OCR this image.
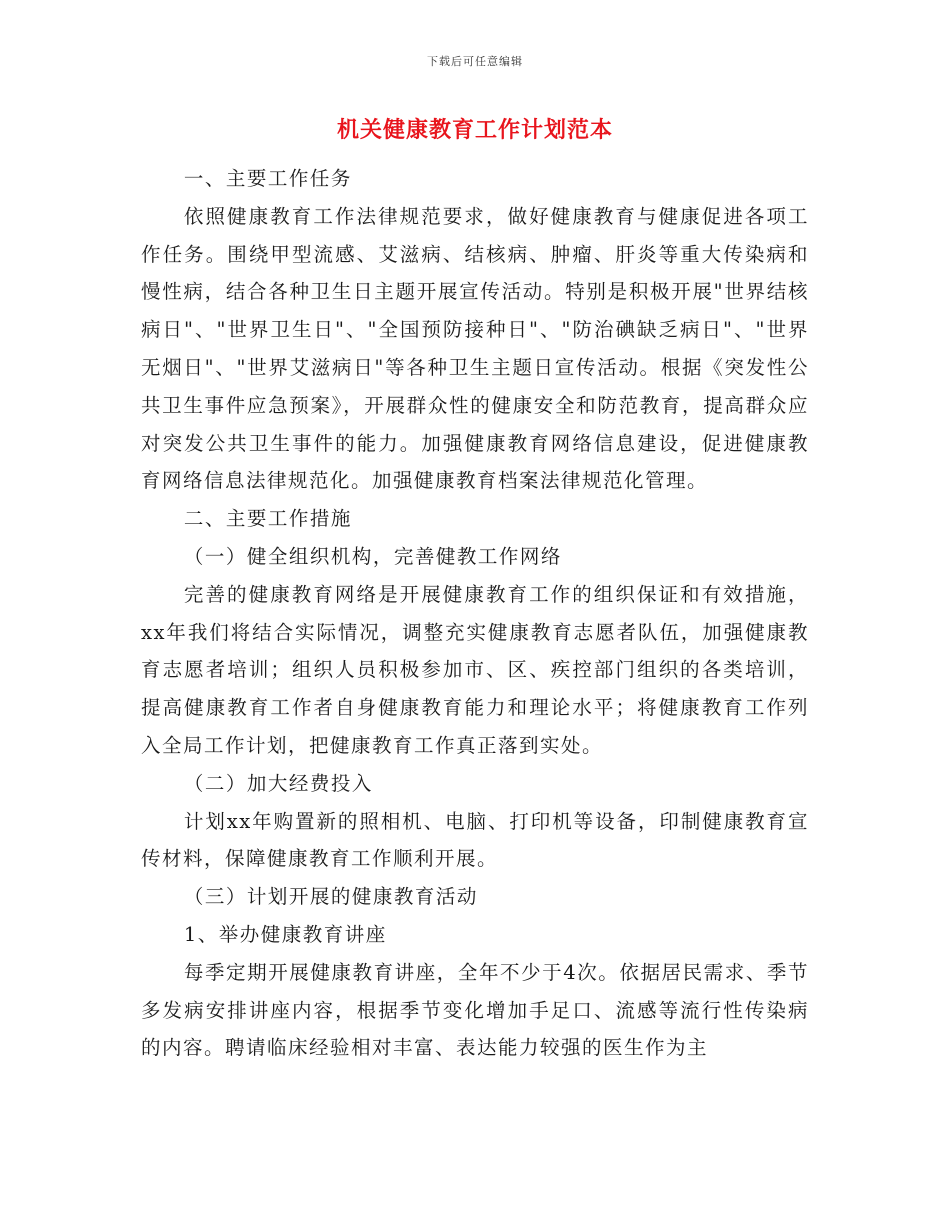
下载后可任意编辑
机关健康教育工作计划范本

一、主要工作任务

依照健康教育工作法律规范要求，做好健康教育与健康促进各项工作任务。围绕甲型流感、艾滋病、结核病、肿瘤、肝炎等重大传染病和慢性病，结合各种卫生日主题开展宣传活动。特别是积极开展"世界结核病日"、"世界卫生日"、"全国预防接种日"、"防治碘缺乏病日"、"世界无烟日"、"世界艾滋病日"等各种卫生主题日宣传活动。根据《突发性公共卫生事件应急预案》，开展群众性的健康安全和防范教育，提高群众应对突发公共卫生事件的能力。加强健康教育网络信息建设，促进健康教育网络信息法律规范化。加强健康教育档案法律规范化管理。

二、主要工作措施

（一）健全组织机构，完善健教工作网络

完善的健康教育网络是开展健康教育工作的组织保证和有效措施，xx年我们将结合实际情况，调整充实健康教育志愿者队伍，加强健康教育志愿者培训；组织人员积极参加市、区、疾控部门组织的各类培训，提高健康教育工作者自身健康教育能力和理论水平；将健康教育工作列入全局工作计划，把健康教育工作真正落到实处。

（二）加大经费投入

计划xx年购置新的照相机、电脑、打印机等设备，印制健康教育宣传材料，保障健康教育工作顺利开展。

（三）计划开展的健康教育活动

1、举办健康教育讲座

每季定期开展健康教育讲座，全年不少于4次。依据居民需求、季节多发病安排讲座内容，根据季节变化增加手足口、流感等流行性传染病的内容。聘请临床经验相对丰富、表达能力较强的医生作为主
